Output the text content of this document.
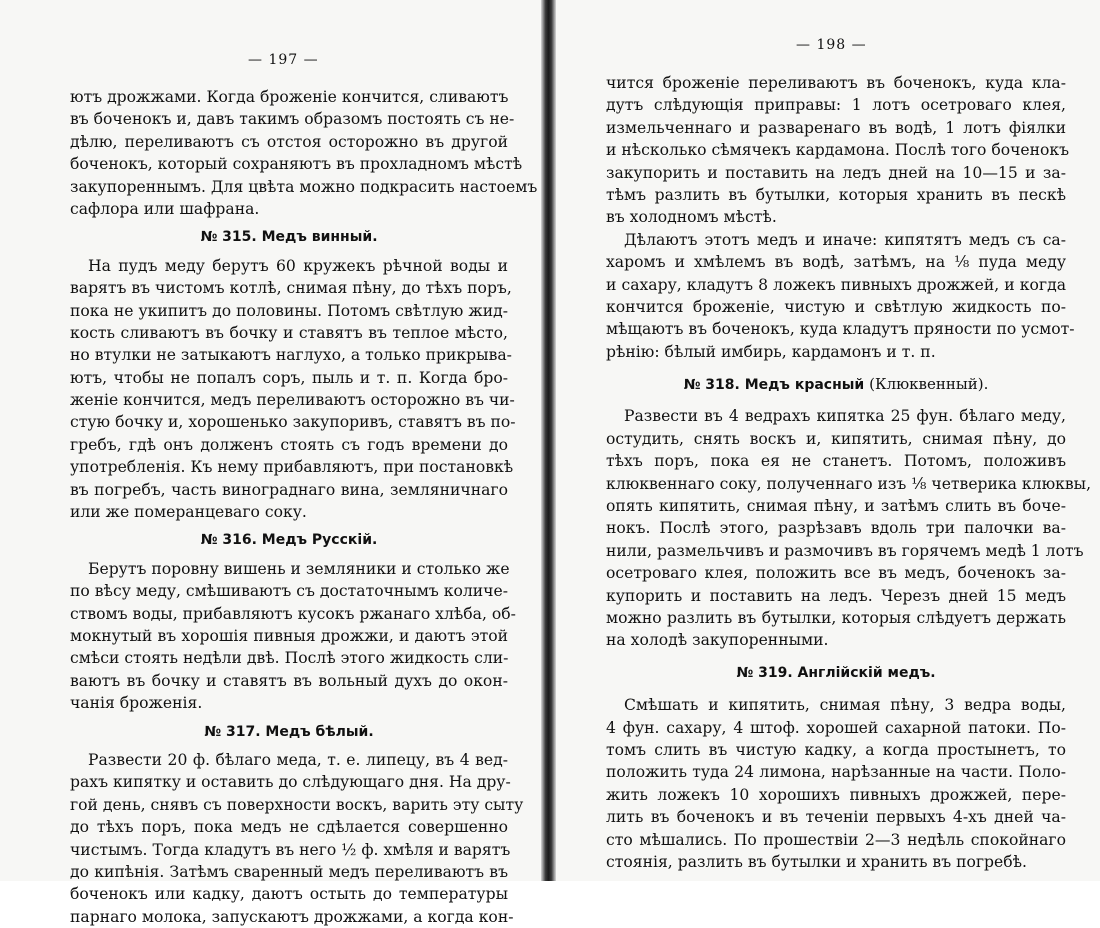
— 197 —
ютъ дрожжами. Когда броженіе кончится, сливаютъ
въ боченокъ и, давъ такимъ образомъ постоять съ не-
дѣлю, переливаютъ съ отстоя осторожно въ другой
боченокъ, который сохраняютъ въ прохладномъ мѣстѣ
закупореннымъ. Для цвѣта можно подкрасить настоемъ
сафлора или шафрана.
№ 315. Медъ винный.
На пудъ меду берутъ 60 кружекъ рѣчной воды и
варятъ въ чистомъ котлѣ, снимая пѣну, до тѣхъ поръ,
пока не укипитъ до половины. Потомъ свѣтлую жид-
кость сливаютъ въ бочку и ставятъ въ теплое мѣсто,
но втулки не затыкаютъ наглухо, а только прикрыва-
ютъ, чтобы не попалъ соръ, пыль и т. п. Когда бро-
женіе кончится, медъ переливаютъ осторожно въ чи-
стую бочку и, хорошенько закупоривъ, ставятъ въ по-
гребъ, гдѣ онъ долженъ стоять съ годъ времени до
употребленія. Къ нему прибавляютъ, при постановкѣ
въ погребъ, часть винограднаго вина, земляничнаго
или же померанцеваго соку.
№ 316. Медъ Русскій.
Берутъ поровну вишень и земляники и столько же
по вѣсу меду, смѣшиваютъ съ достаточнымъ количе-
ствомъ воды, прибавляютъ кусокъ ржанаго хлѣба, об-
мокнутый въ хорошія пивныя дрожжи, и даютъ этой
смѣси стоять недѣли двѣ. Послѣ этого жидкость сли-
ваютъ въ бочку и ставятъ въ вольный духъ до окон-
чанія броженія.
№ 317. Медъ бѣлый.
Развести 20 ф. бѣлаго меда, т. е. липецу, въ 4 вед-
рахъ кипятку и оставить до слѣдующаго дня. На дру-
гой день, снявъ съ поверхности воскъ, варить эту сыту
до тѣхъ поръ, пока медъ не сдѣлается совершенно
чистымъ. Тогда кладутъ въ него ½ ф. хмѣля и варятъ
до кипѣнія. Затѣмъ сваренный медъ переливаютъ въ
боченокъ или кадку, даютъ остыть до температуры
парнаго молока, запускаютъ дрожжами, а когда кон-
— 198 —
чится броженіе переливаютъ въ боченокъ, куда кла-
дутъ слѣдующія приправы: 1 лотъ осетроваго клея,
измельченнаго и разваренаго въ водѣ, 1 лотъ фіялки
и нѣсколько сѣмячекъ кардамона. Послѣ того боченокъ
закупорить и поставить на ледъ дней на 10—15 и за-
тѣмъ разлить въ бутылки, которыя хранить въ пескѣ
въ холодномъ мѣстѣ.
Дѣлаютъ этотъ медъ и иначе: кипятятъ медъ съ са-
харомъ и хмѣлемъ въ водѣ, затѣмъ, на ⅛ пуда меду
и сахару, кладутъ 8 ложекъ пивныхъ дрожжей, и когда
кончится броженіе, чистую и свѣтлую жидкость по-
мѣщаютъ въ боченокъ, куда кладутъ пряности по усмот-
рѣнію: бѣлый имбирь, кардамонъ и т. п.
№ 318. Медъ красный (Клюквенный).
Развести въ 4 ведрахъ кипятка 25 фун. бѣлаго меду,
остудить, снять воскъ и, кипятить, снимая пѣну, до
тѣхъ поръ, пока ея не станетъ. Потомъ, положивъ
клюквеннаго соку, полученнаго изъ ⅛ четверика клюквы,
опять кипятить, снимая пѣну, и затѣмъ слить въ боче-
нокъ. Послѣ этого, разрѣзавъ вдоль три палочки ва-
нили, размельчивъ и размочивъ въ горячемъ медѣ 1 лотъ
осетроваго клея, положить все въ медъ, боченокъ за-
купорить и поставить на ледъ. Черезъ дней 15 медъ
можно разлить въ бутылки, которыя слѣдуетъ держать
на холодѣ закупоренными.
№ 319. Англійскій медъ.
Смѣшать и кипятить, снимая пѣну, 3 ведра воды,
4 фун. сахару, 4 штоф. хорошей сахарной патоки. По-
томъ слить въ чистую кадку, а когда простынетъ, то
положить туда 24 лимона, нарѣзанные на части. Поло-
жить ложекъ 10 хорошихъ пивныхъ дрожжей, пере-
лить въ боченокъ и въ теченіи первыхъ 4-хъ дней ча-
сто мѣшались. По прошествіи 2—3 недѣль спокойнаго
стоянія, разлить въ бутылки и хранить въ погребѣ.
